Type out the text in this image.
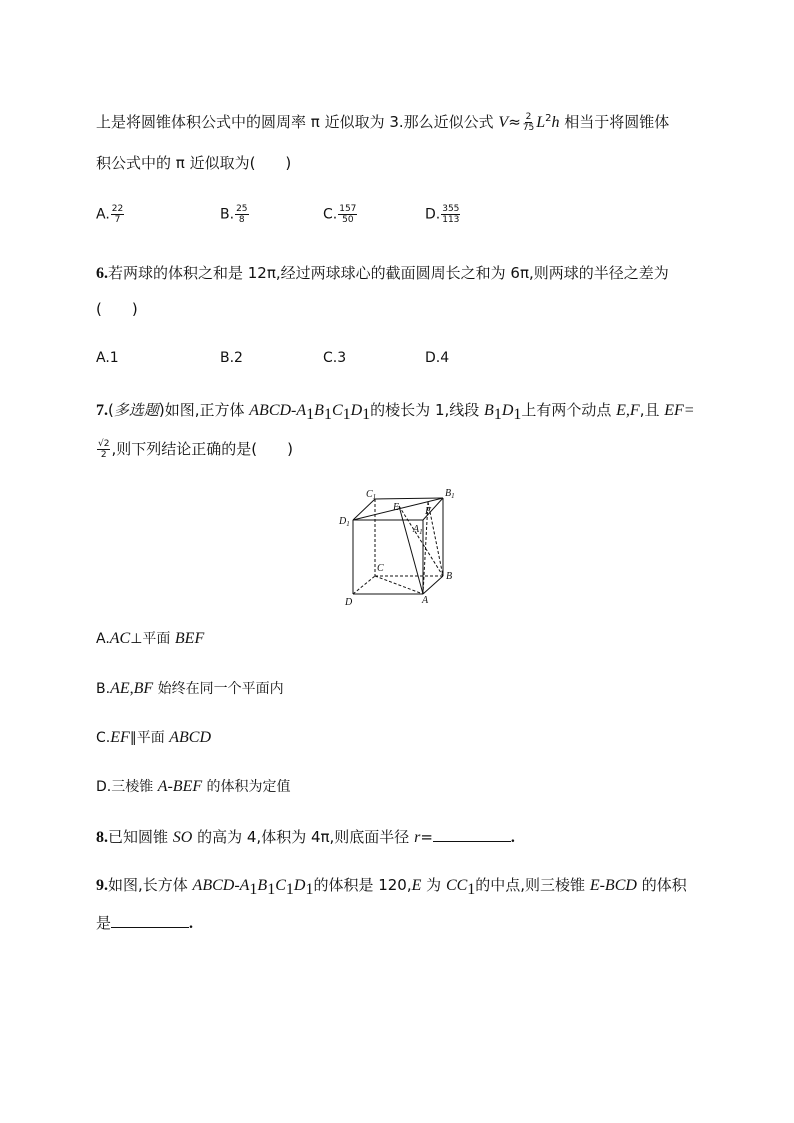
上是将圆锥体积公式中的圆周率 π 近似取为 3.那么近似公式 $V\approx \frac{2}{75} L^2h$ 相当于将圆锥体
积公式中的 π 近似取为(　　)
A. $\frac{22}{7}$	B. $\frac{25}{8}$	C. $\frac{157}{50}$	D. $\frac{355}{113}$
6.若两球的体积之和是 12π,经过两球球心的截面圆周长之和为 6π,则两球的半径之差为
(　　)
A.1	B.2	C.3	D.4
7.(多选题)如图,正方体 ABCD-$A_1B_1C_1D_1$的棱长为 1,线段 $B_1D_1$上有两个动点 E,F,且 EF=
$\frac{√2}{2}$ ,则下列结论正确的是(　　)
$C_1$	$B_1$
$D_1$
E	F
$A_1$
C
B
D	A
A.AC⊥平面 BEF
B.AE,BF 始终在同一个平面内
C.EF∥平面 ABCD
D.三棱锥 A-BEF 的体积为定值
8.已知圆锥 SO 的高为 4,体积为 4π,则底面半径 r=	.
9.如图,长方体 ABCD-$A_1B_1C_1D_1$的体积是 120,E 为 $CC_1$的中点,则三棱锥 E-BCD 的体积
是	.
